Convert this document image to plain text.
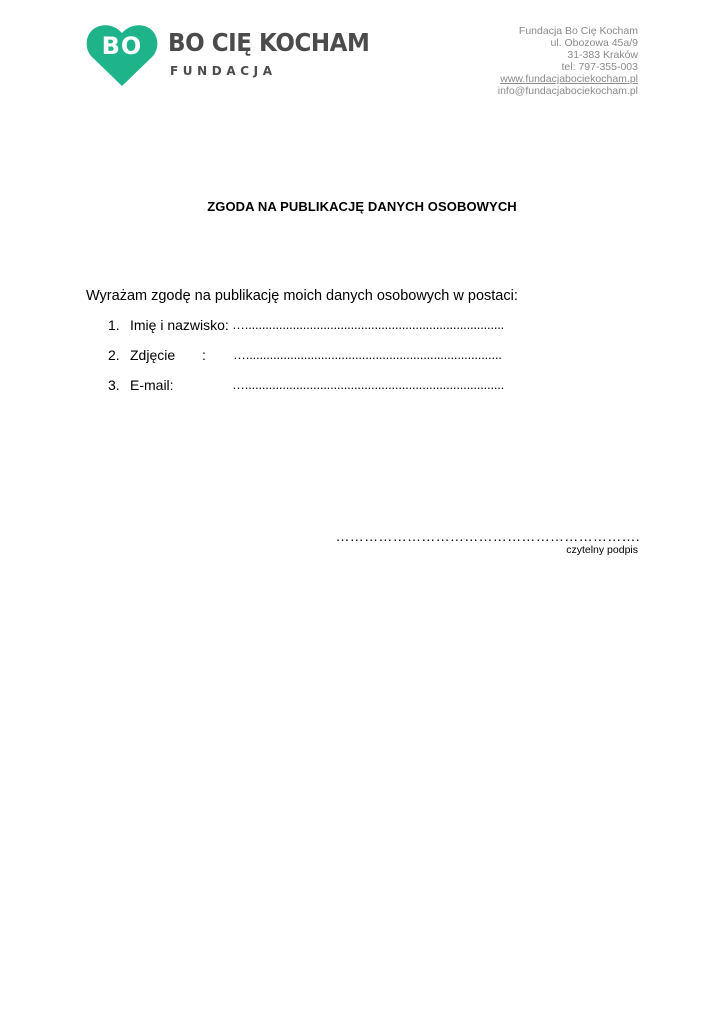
BO BO CIĘ KOCHAM
FUNDACJA
Fundacja Bo Cię Kocham
ul. Obozowa 45a/9
31-383 Kraków
tel: 797-355-003
www.fundacjabociekocham.pl
info@fundacjabociekocham.pl
ZGODA NA PUBLIKACJĘ DANYCH OSOBOWYCH
Wyrażam zgodę na publikację moich danych osobowych w postaci:
1. Imię i nazwisko: …............................................................................
2. Zdjęcie : …...........................................................................
3. E-mail:	…............................................................................
……………………………………………………….
czytelny podpis
